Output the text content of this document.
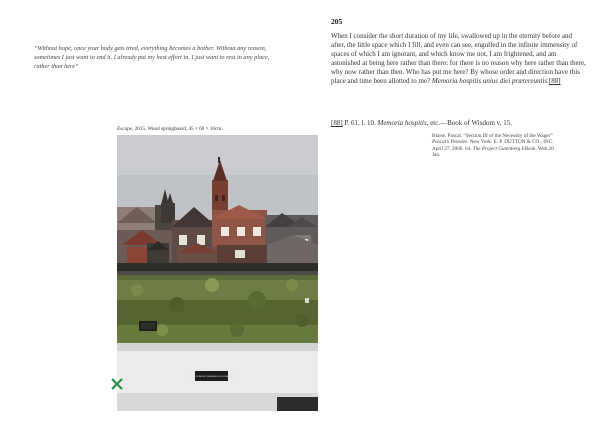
“Without hope, once your body gets tired, everything becomes a bother. Without any reason, sometimes I just want to end it. I already put my best effort in. I just want to rest in any place, rather than here”
Escape, 2015. Wood springboard, 45 × 60 × 10cm.
BEHIND SOME NOTHINGNESS IS SOMETHING
205
When I consider the short duration of my life, swallowed up in the eternity before and after, the little space which I fill, and even can see, engulfed in the infinite immensity of spaces of which I am ignorant, and which know me not, I am frightened, and am astonished at being here rather than there; for there is no reason why here rather than there, why now rather than then. Who has put me here? By whose order and direction have this place and time been allotted to me? Memoria hospitis unius diei prætereuntis.[88]
[88] P. 61, l. 10. Memoria hospitis, etc.—Book of Wisdom v, 15.
Blaise, Pascal. “Section III of the Necessity of the Wager”
Pascal’s Pensées. New York: E. P. DUTTON & CO., INC.
April 27, 2006. 64. The Project Gutenberg EBook. Web.20
Jan.
